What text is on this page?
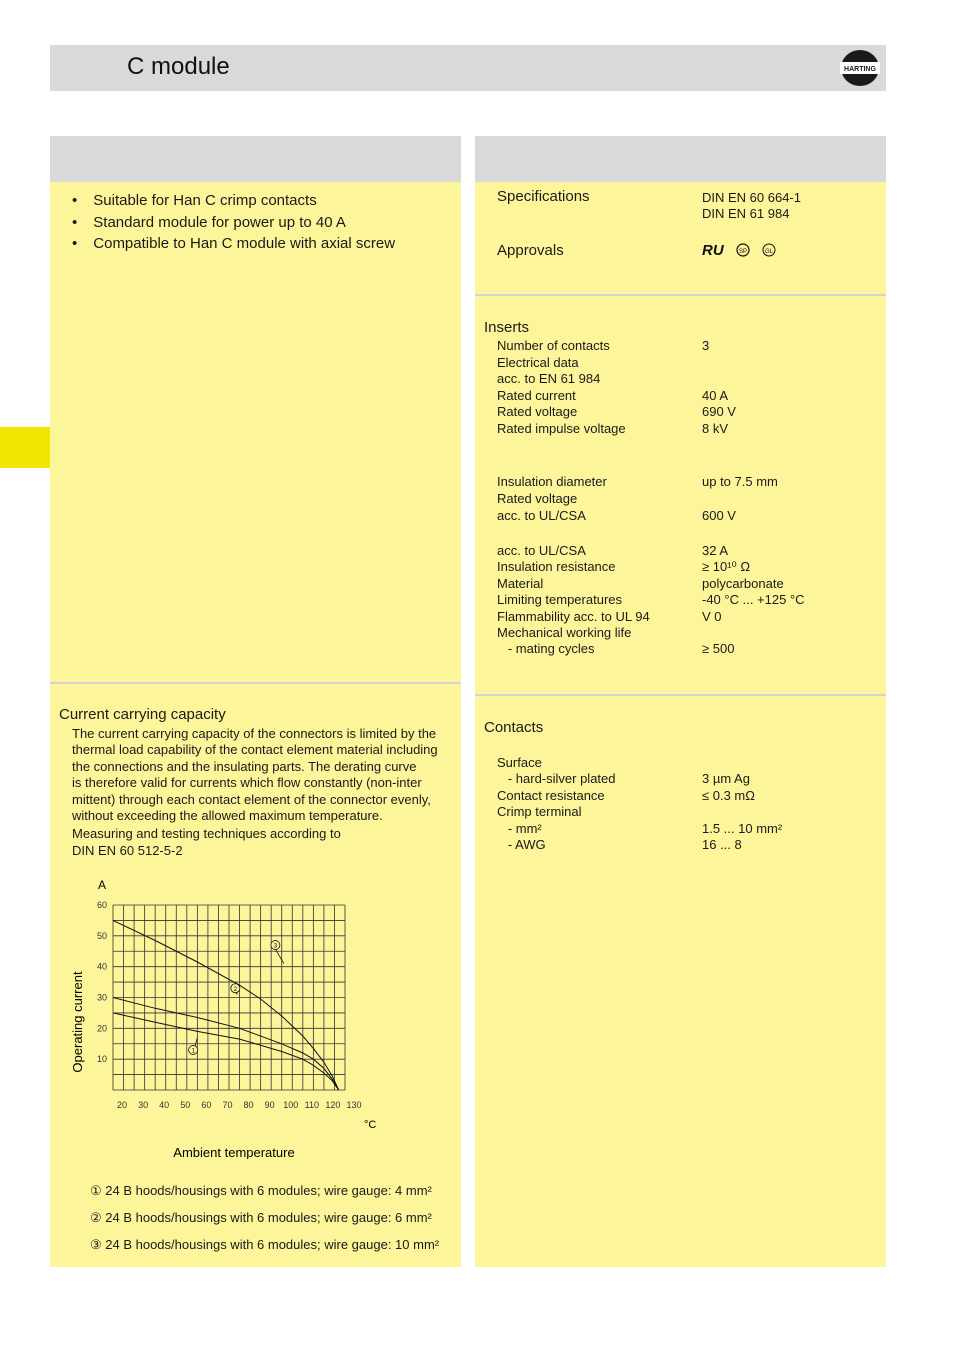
C module	HARTING
• Suitable for Han C crimp contacts
• Standard module for power up to 40 A
• Compatible to Han C module with axial screw
Current carrying capacity
The current carrying capacity of the connectors is limited by the
thermal load capability of the contact element material including
the connections and the insulating parts. The derating curve
is therefore valid for currents which flow constantly (non-inter
mittent) through each contact element of the connector evenly,
without exceeding the allowed maximum temperature.
Measuring and testing techniques according to
DIN EN 60 512-5-2
10
20
30
40
50
60
20 30 40 50 60 70 80 90 100 110 120 130
1
2
3
A
°C
Operating current
Ambient temperature
① 24 B hoods/housings with 6 modules; wire gauge: 4 mm²
② 24 B hoods/housings with 6 modules; wire gauge: 6 mm²
③ 24 B hoods/housings with 6 modules; wire gauge: 10 mm²
Specifications	DIN EN 60 664-1
DIN EN 61 984
Approvals	RU	SP	GL
Inserts
Number of contacts	3
Electrical data
acc. to EN 61 984
Rated current	40 A
Rated voltage	690 V
Rated impulse voltage	8 kV
Insulation diameter	up to 7.5 mm
Rated voltage
acc. to UL/CSA	600 V
acc. to UL/CSA	32 A
Insulation resistance	≥ 10¹⁰ Ω
Material	polycarbonate
Limiting temperatures	-40 °C ... +125 °C
Flammability acc. to UL 94	V 0
Mechanical working life
- mating cycles	≥ 500
Contacts
Surface
- hard-silver plated	3 µm Ag
Contact resistance	≤ 0.3 mΩ
Crimp terminal
- mm²	1.5 ... 10 mm²
- AWG	16 ... 8
